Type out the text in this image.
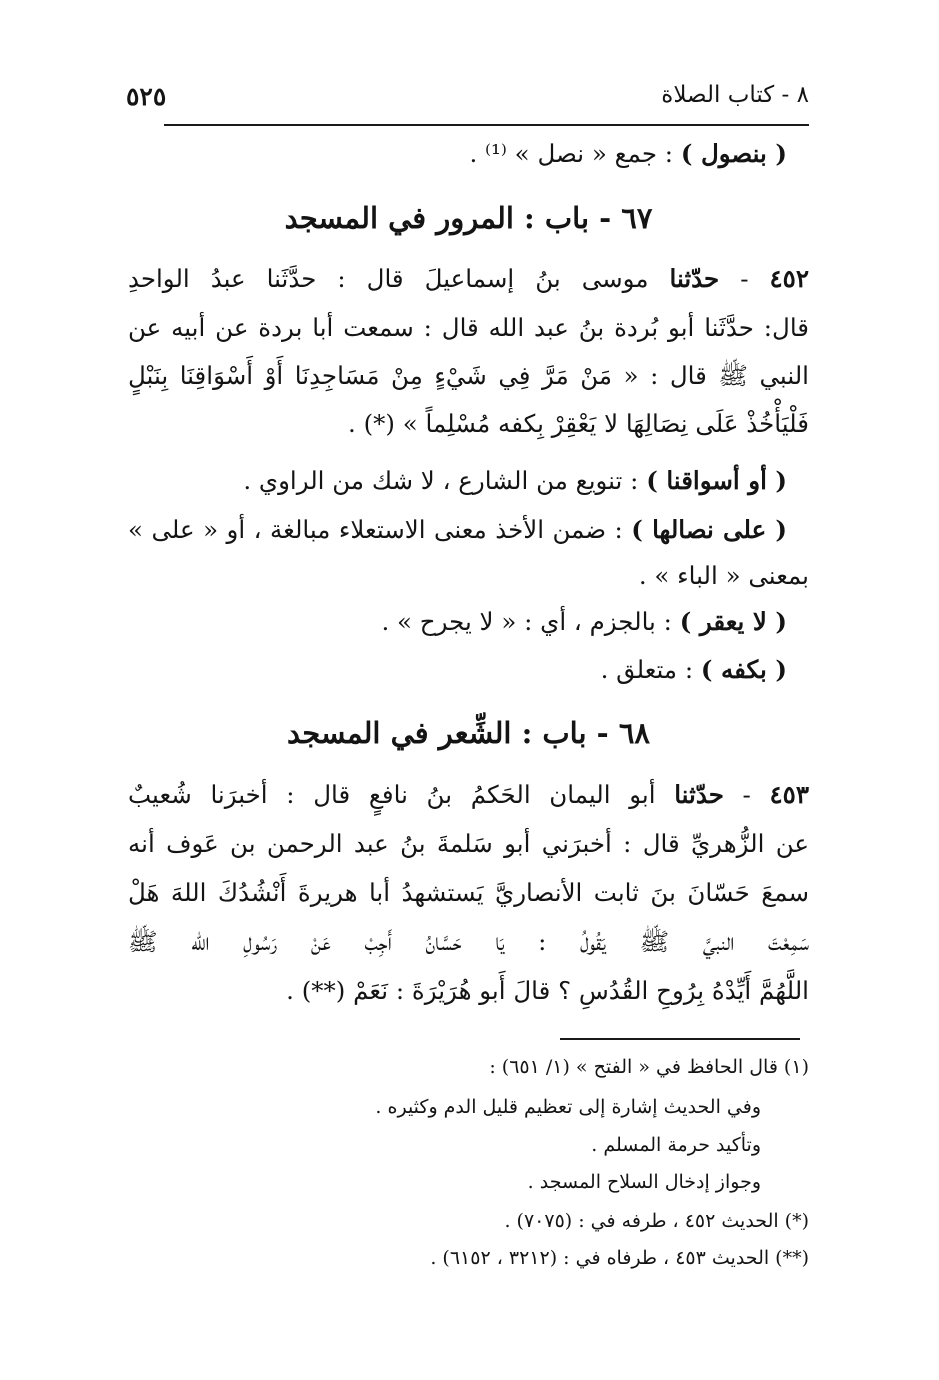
٨ - كتاب الصلاة
٥٢٥
( بنصول ) : جمع « نصل » ⁽¹⁾ .
٦٧ - باب : المرور في المسجد
٤٥٢ - حدّثنا موسى بنُ إسماعيلَ قال : حدَّثَنا عبدُ الواحدِ
قال: حدَّثَنا أبو بُردة بنُ عبد الله قال : سمعت أبا بردة عن أبيه عن
النبي ﷺ قال : « مَنْ مَرَّ فِي شَيْءٍ مِنْ مَسَاجِدِنَا أَوْ أَسْوَاقِنَا بِنَبْلٍ
فَلْيَأْخُذْ عَلَى نِصَالِهَا لا يَعْقِرْ بِكفه مُسْلِماً » (*) .
( أو أسواقنا ) : تنويع من الشارع ، لا شك من الراوي .
( على نصالها ) : ضمن الأخذ معنى الاستعلاء مبالغة ، أو « على »
بمعنى « الباء » .
( لا يعقر ) : بالجزم ، أي : « لا يجرح » .
( بكفه ) : متعلق .
٦٨ - باب : الشِّعر في المسجد
٤٥٣ - حدّثنا أبو اليمان الحَكمُ بنُ نافعٍ قال : أخبرَنا شُعيبٌ
عن الزُّهريِّ قال : أخبرَني أبو سَلمةَ بنُ عبد الرحمن بن عَوف أنه
سمعَ حَسّانَ بنَ ثابت الأنصاريَّ يَستشهدُ أبا هريرةَ أَنْشُدُكَ اللهَ هَلْ
سَمِعْتَ النبيَّ ﷺ يَقُولُ : يَا حَسَّانُ أَجِبْ عَنْ رَسُولِ الله ﷺ
اللَّهُمَّ أَيِّدْهُ بِرُوحِ القُدُسِ ؟ قالَ أَبو هُرَيْرَةَ : نَعَمْ (**) .
(١) قال الحافظ في « الفتح » (١/ ٦٥١) :
وفي الحديث إشارة إلى تعظيم قليل الدم وكثيره .
وتأكيد حرمة المسلم .
وجواز إدخال السلاح المسجد .
(*) الحديث ٤٥٢ ، طرفه في : (٧٠٧٥) .
(**) الحديث ٤٥٣ ، طرفاه في : (٣٢١٢ ، ٦١٥٢) .
